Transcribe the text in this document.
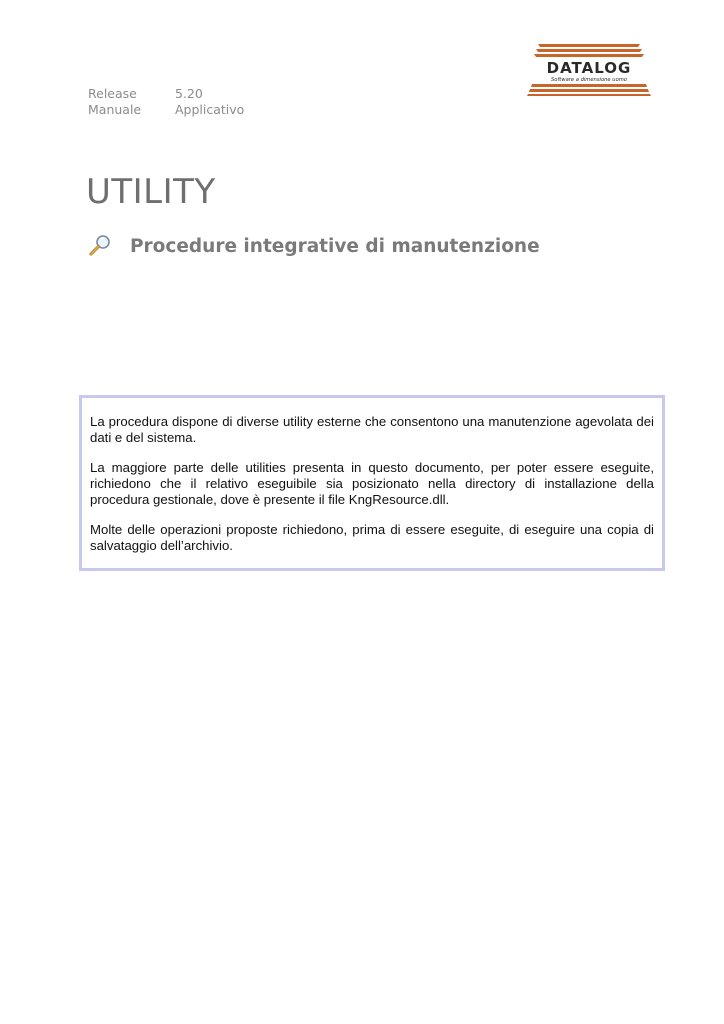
Release	5.20
Manuale	Applicativo
DATALOG
Software a dimensione uomo
UTILITY
Procedure integrative di manutenzione

La procedura dispone di diverse utility esterne che consentono una manutenzione agevolata dei dati e del sistema.

La maggiore parte delle utilities presenta in questo documento, per poter essere eseguite, richiedono che il relativo eseguibile sia posizionato nella directory di installazione della procedura gestionale, dove è presente il file KngResource.dll.

Molte delle operazioni proposte richiedono, prima di essere eseguite, di eseguire una copia di salvataggio dell’archivio.
